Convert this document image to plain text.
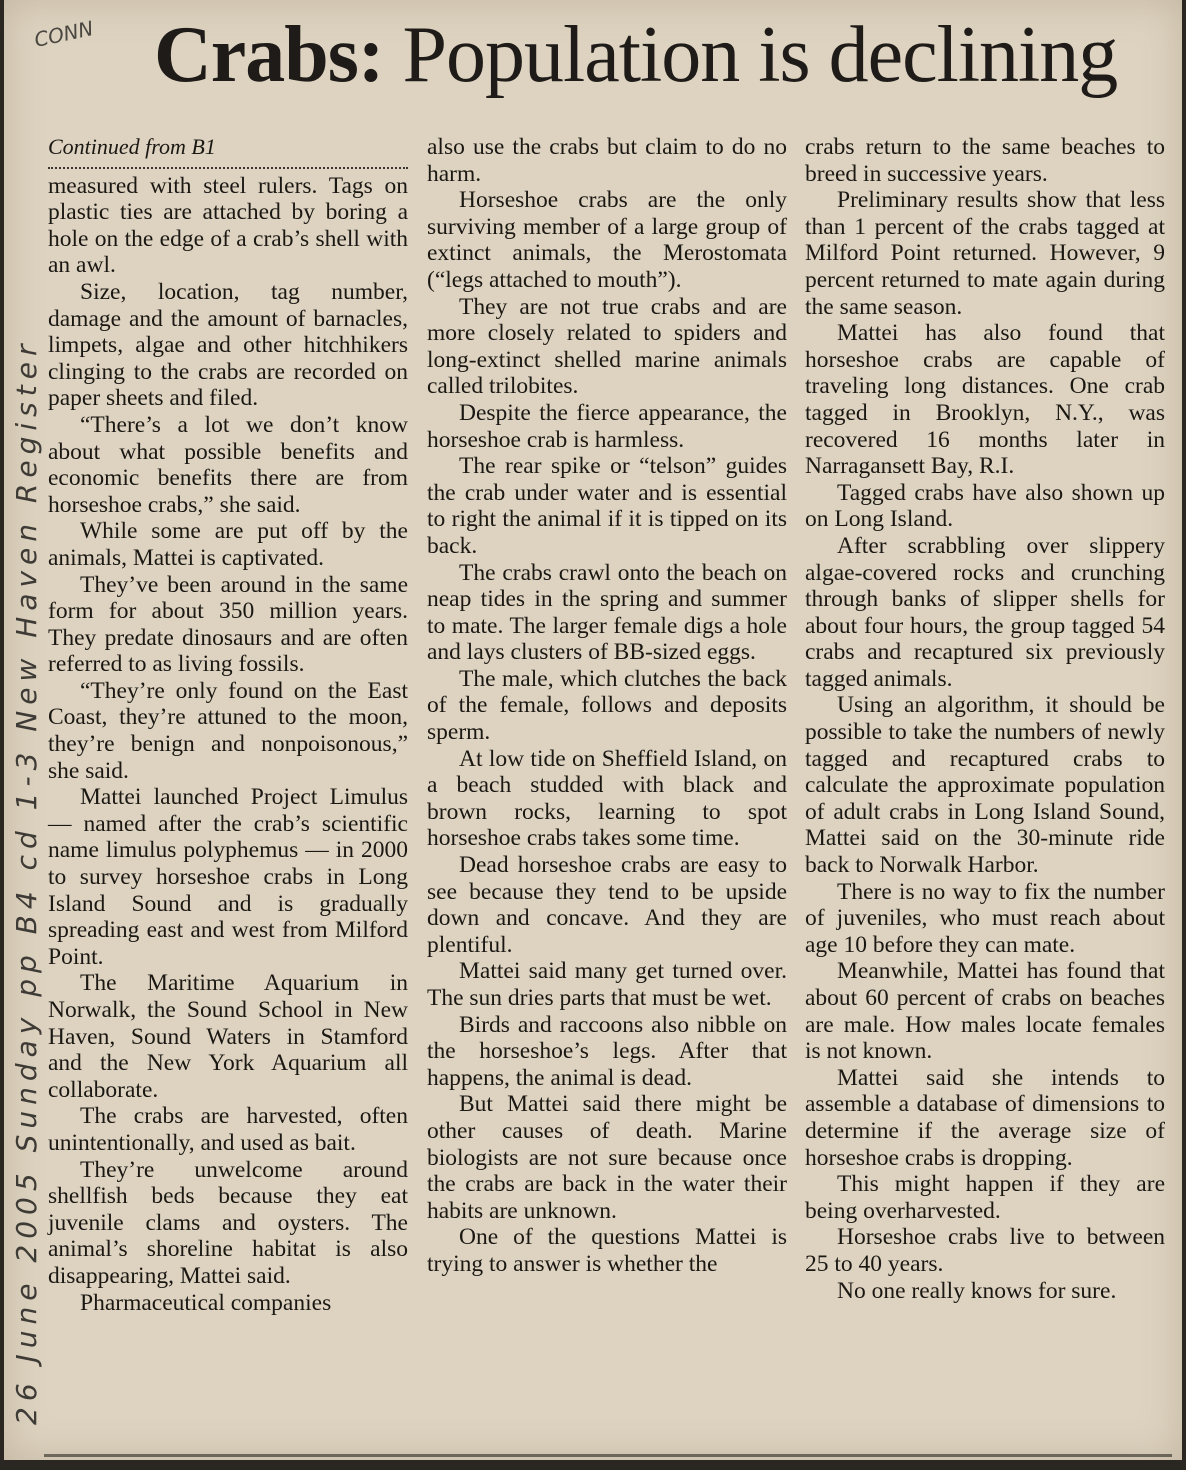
CONN Crabs: Population is declining
26 June 2005 Sunday pp B4 cd 1-3 New Haven Register

Continued from B1

measured with steel rulers. Tags on plastic ties are attached by boring a hole on the edge of a crab’s shell with an awl.

Size, location, tag number, damage and the amount of barnacles, limpets, algae and other hitchhikers clinging to the crabs are recorded on paper sheets and filed.

“There’s a lot we don’t know about what possible benefits and economic benefits there are from horseshoe crabs,” she said.

While some are put off by the animals, Mattei is captivated.

They’ve been around in the same form for about 350 million years. They predate dinosaurs and are often referred to as living fossils.

“They’re only found on the East Coast, they’re attuned to the moon, they’re benign and nonpoisonous,” she said.

Mattei launched Project Limulus — named after the crab’s scientific name limulus polyphemus — in 2000 to survey horseshoe crabs in Long Island Sound and is gradually spreading east and west from Milford Point.

The Maritime Aquarium in Norwalk, the Sound School in New Haven, Sound Waters in Stamford and the New York Aquarium all collaborate.

The crabs are harvested, often unintentionally, and used as bait.

They’re unwelcome around shellfish beds because they eat juvenile clams and oysters. The animal’s shoreline habitat is also disappearing, Mattei said.

Pharmaceutical companies

also use the crabs but claim to do no harm.

Horseshoe crabs are the only surviving member of a large group of extinct animals, the Merostomata (“legs attached to mouth”).

They are not true crabs and are more closely related to spiders and long-extinct shelled marine animals called trilobites.

Despite the fierce appearance, the horseshoe crab is harmless.

The rear spike or “telson” guides the crab under water and is essential to right the animal if it is tipped on its back.

The crabs crawl onto the beach on neap tides in the spring and summer to mate. The larger female digs a hole and lays clusters of BB-sized eggs.

The male, which clutches the back of the female, follows and deposits sperm.

At low tide on Sheffield Island, on a beach studded with black and brown rocks, learning to spot horseshoe crabs takes some time.

Dead horseshoe crabs are easy to see because they tend to be upside down and concave. And they are plentiful.

Mattei said many get turned over. The sun dries parts that must be wet.

Birds and raccoons also nibble on the horseshoe’s legs. After that happens, the animal is dead.

But Mattei said there might be other causes of death. Marine biologists are not sure because once the crabs are back in the water their habits are unknown.

One of the questions Mattei is trying to answer is whether the

crabs return to the same beaches to breed in successive years.

Preliminary results show that less than 1 percent of the crabs tagged at Milford Point returned. However, 9 percent returned to mate again during the same season.

Mattei has also found that horseshoe crabs are capable of traveling long distances. One crab tagged in Brooklyn, N.Y., was recovered 16 months later in Narragansett Bay, R.I.

Tagged crabs have also shown up on Long Island.

After scrabbling over slippery algae-covered rocks and crunching through banks of slipper shells for about four hours, the group tagged 54 crabs and recaptured six previously tagged animals.

Using an algorithm, it should be possible to take the numbers of newly tagged and recaptured crabs to calculate the approximate population of adult crabs in Long Island Sound, Mattei said on the 30-minute ride back to Norwalk Harbor.

There is no way to fix the number of juveniles, who must reach about age 10 before they can mate.

Meanwhile, Mattei has found that about 60 percent of crabs on beaches are male. How males locate females is not known.

Mattei said she intends to assemble a database of dimensions to determine if the average size of horseshoe crabs is dropping.

This might happen if they are being overharvested.

Horseshoe crabs live to between 25 to 40 years.

No one really knows for sure.
